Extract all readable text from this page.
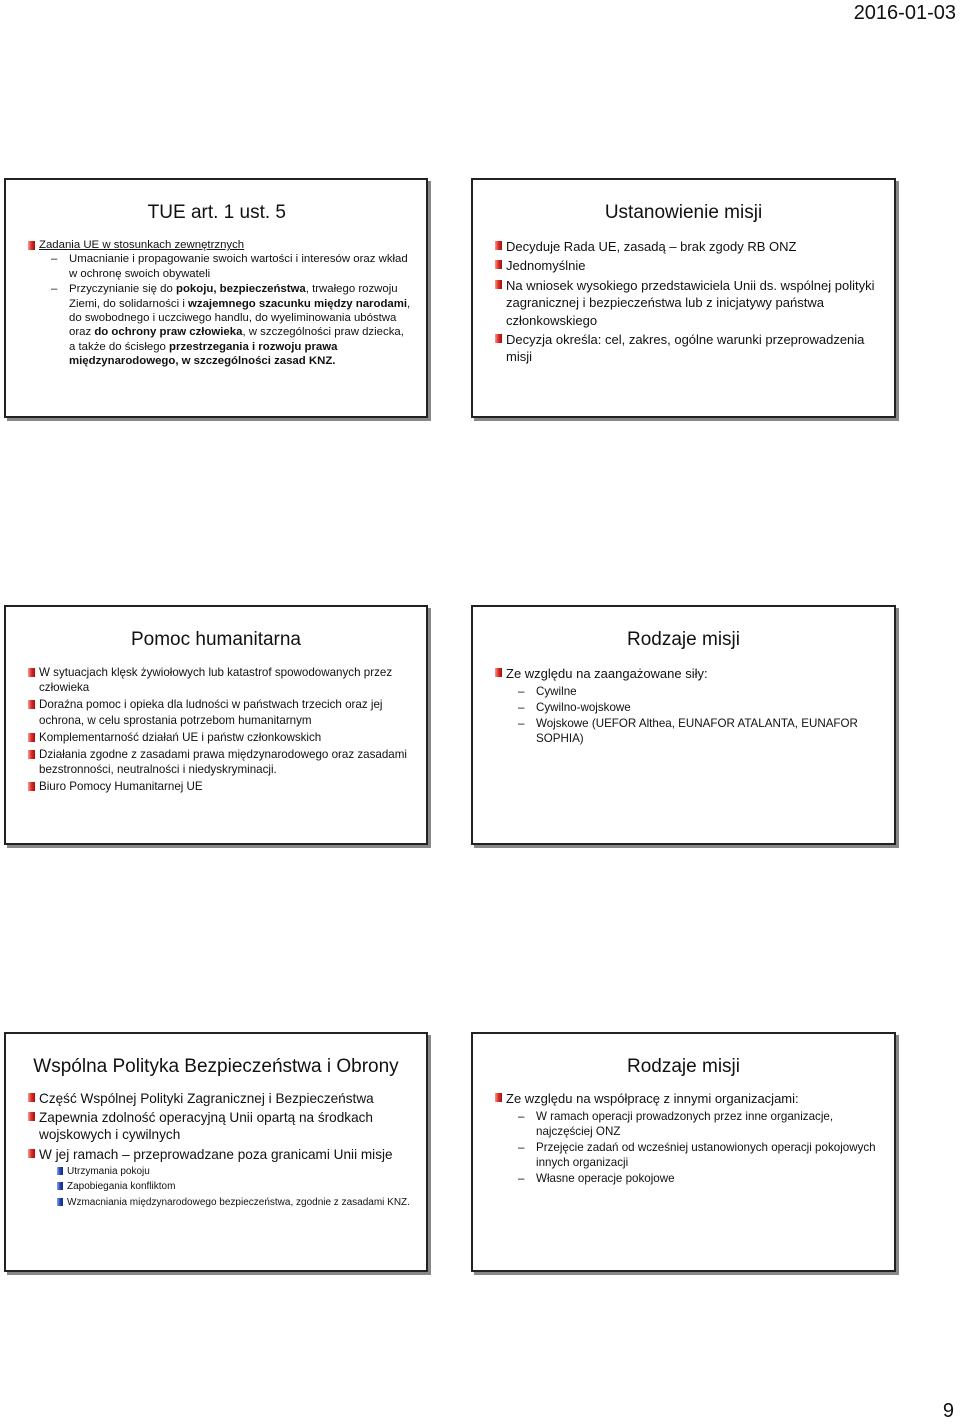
2016-01-03
TUE art. 1 ust. 5
Zadania UE w stosunkach zewnętrznych
– Umacnianie i propagowanie swoich wartości i interesów oraz wkład w ochronę swoich obywateli
– Przyczynianie się do pokoju, bezpieczeństwa, trwałego rozwoju Ziemi, do solidarności i wzajemnego szacunku między narodami, do swobodnego i uczciwego handlu, do wyeliminowania ubóstwa oraz do ochrony praw człowieka, w szczególności praw dziecka, a także do ścisłego przestrzegania i rozwoju prawa międzynarodowego, w szczególności zasad KNZ.
Ustanowienie misji
Decyduje Rada UE, zasadą – brak zgody RB ONZ
Jednomyślnie
Na wniosek wysokiego przedstawiciela Unii ds. wspólnej polityki zagranicznej i bezpieczeństwa lub z inicjatywy państwa członkowskiego
Decyzja określa: cel, zakres, ogólne warunki przeprowadzenia misji
Pomoc humanitarna
W sytuacjach klęsk żywiołowych lub katastrof spowodowanych przez człowieka
Doraźna pomoc i opieka dla ludności w państwach trzecich oraz jej ochrona, w celu sprostania potrzebom humanitarnym
Komplementarność działań UE i państw członkowskich
Działania zgodne z zasadami prawa międzynarodowego oraz zasadami bezstronności, neutralności i niedyskryminacji.
Biuro Pomocy Humanitarnej UE
Rodzaje misji
Ze względu na zaangażowane siły:
– Cywilne
– Cywilno-wojskowe
– Wojskowe (UEFOR Althea, EUNAFOR ATALANTA, EUNAFOR SOPHIA)
Wspólna Polityka Bezpieczeństwa i Obrony
Część Wspólnej Polityki Zagranicznej i Bezpieczeństwa
Zapewnia zdolność operacyjną Unii opartą na środkach wojskowych i cywilnych
W jej ramach – przeprowadzane poza granicami Unii misje
Utrzymania pokoju
Zapobiegania konfliktom
Wzmacniania międzynarodowego bezpieczeństwa, zgodnie z zasadami KNZ.
Rodzaje misji
Ze względu na współpracę z innymi organizacjami:
– W ramach operacji prowadzonych przez inne organizacje, najczęściej ONZ
– Przejęcie zadań od wcześniej ustanowionych operacji pokojowych innych organizacji
– Własne operacje pokojowe
9
